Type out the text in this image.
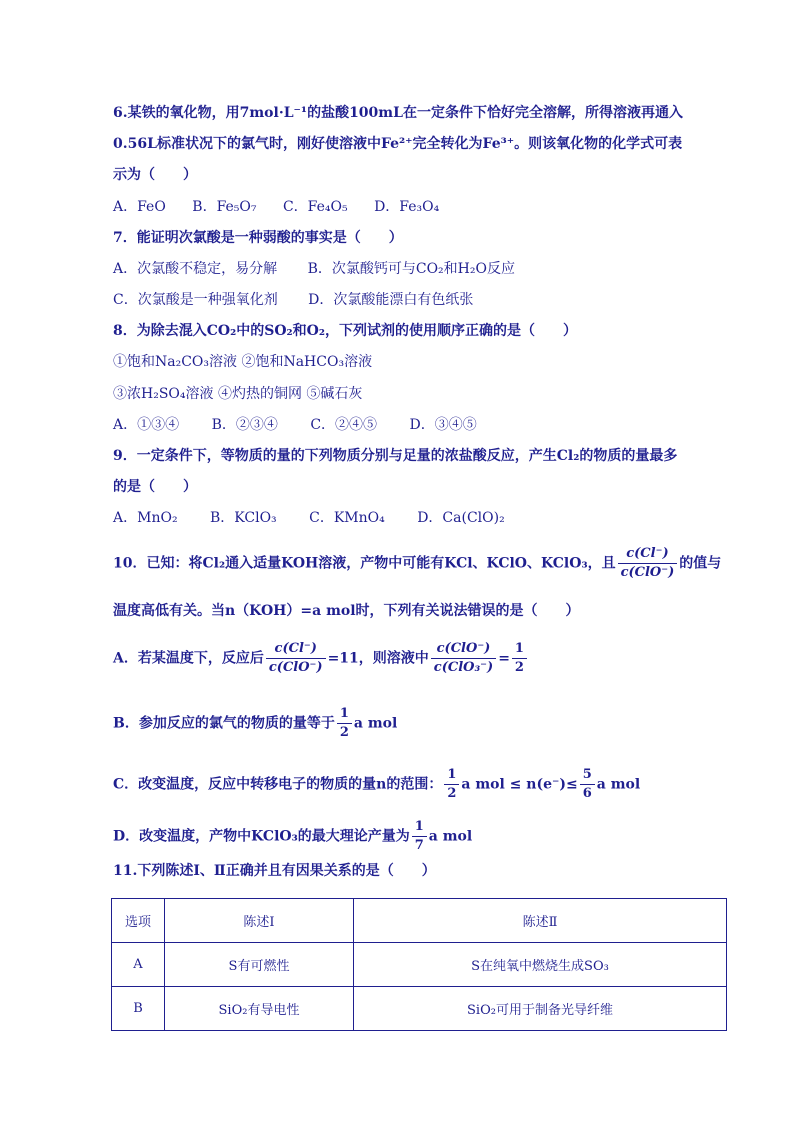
6.某铁的氧化物，用7mol·L⁻¹的盐酸100mL在一定条件下恰好完全溶解，所得溶液再通入
0.56L标准状况下的氯气时，刚好使溶液中Fe²⁺完全转化为Fe³⁺。则该氧化物的化学式可表
示为（　　）
A．FeO B．Fe₅O₇ C．Fe₄O₅ D．Fe₃O₄
7．能证明次氯酸是一种弱酸的事实是（　　）
A．次氯酸不稳定，易分解 B．次氯酸钙可与CO₂和H₂O反应
C．次氯酸是一种强氧化剂 D．次氯酸能漂白有色纸张
8．为除去混入CO₂中的SO₂和O₂，下列试剂的使用顺序正确的是（　　）
①饱和Na₂CO₃溶液 ②饱和NaHCO₃溶液
③浓H₂SO₄溶液 ④灼热的铜网 ⑤碱石灰
A．①③④ B．②③④ C．②④⑤ D．③④⑤
9．一定条件下，等物质的量的下列物质分别与足量的浓盐酸反应，产生Cl₂的物质的量最多
的是（　　）
A．MnO₂ B．KClO₃ C．KMnO₄ D．Ca(ClO)₂
10．已知：将Cl₂通入适量KOH溶液，产物中可能有KCl、KClO、KClO₃，且 $\frac{c(Cl^-)}{\text{c(ClO⁻)}}$ 的值与
温度高低有关。当n（KOH）=a mol时，下列有关说法错误的是（　　）
A．若某温度下，反应后 $\frac{c(Cl^-)}{\text{c(ClO⁻)}} =11$，则溶液中 $\frac{\text{c(ClO⁻)}}{\text{c(ClO₃⁻)}} = \frac{1}{2}$
B．参加反应的氯气的物质的量等于 $\frac{1}{2}$ a mol
C．改变温度，反应中转移电子的物质的量n的范围： $\frac{1}{2}$ a mol ≤ $n(e^-)\le \frac{5}{6}$ a mol
D．改变温度，产物中KClO₃的最大理论产量为 $\frac{1}{7}$ a mol
11.下列陈述Ⅰ、Ⅱ正确并且有因果关系的是（　　）
选项	陈述Ⅰ	陈述Ⅱ
A	S有可燃性	S在纯氧中燃烧生成SO₃
B	SiO₂有导电性	SiO₂可用于制备光导纤维
